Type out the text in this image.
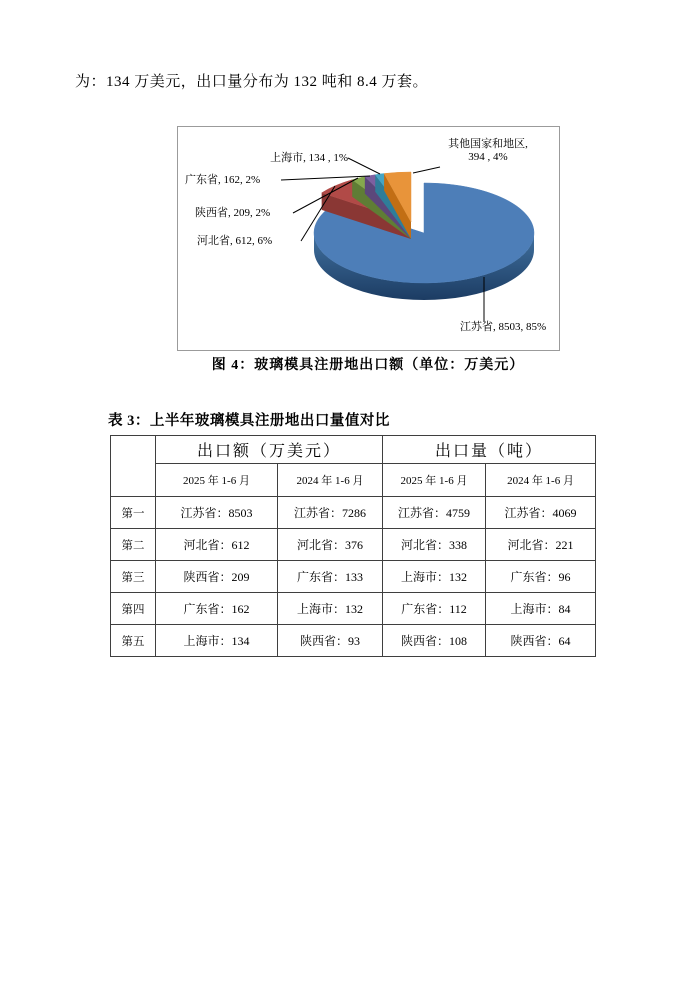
为：134 万美元，出口量分布为 132 吨和 8.4 万套。

上海市, 134 , 1%
广东省, 162, 2%
陕西省, 209, 2%
河北省, 612, 6%
其他国家和地区,
394 , 4%
江苏省, 8503, 85%
图 4：玻璃模具注册地出口额（单位：万美元）
表 3：上半年玻璃模具注册地出口量值对比
	出口额（万美元）		出口量（吨）	
	2025 年 1-6 月	2024 年 1-6 月	2025 年 1-6 月	2024 年 1-6 月
第一	江苏省：8503	江苏省：7286	江苏省：4759	江苏省：4069
第二	河北省：612	河北省：376	河北省：338	河北省：221
第三	陕西省：209	广东省：133	上海市：132	广东省：96
第四	广东省：162	上海市：132	广东省：112	上海市：84
第五	上海市：134	陕西省：93	陕西省：108	陕西省：64
